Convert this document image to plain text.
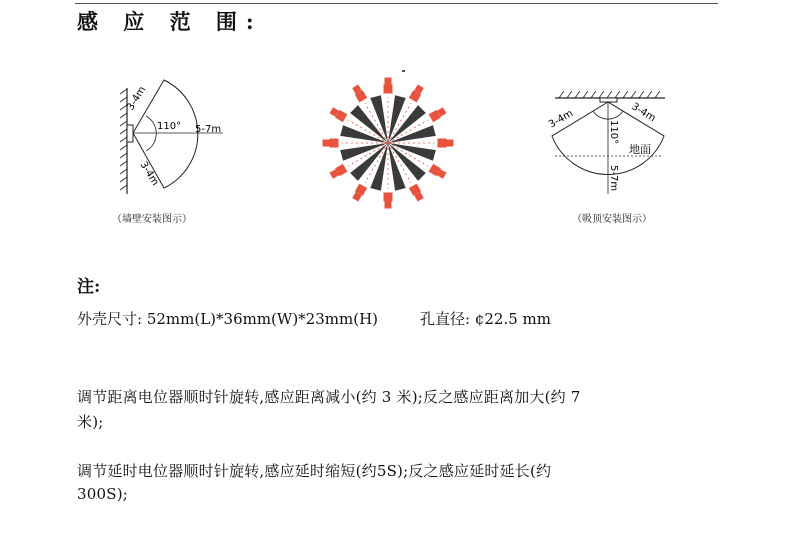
感 应 范 围:
3-4m
110° 5-7m
3-4m
（墙壁安装图示）
3-4m	3-4m
110°
地面
5-7m
（吸顶安装图示）
注:
外壳尺寸: 52mm(L)*36mm(W)*23mm(H)	孔直径: ¢22.5 mm
调节距离电位器顺时针旋转,感应距离减小(约 3 米);反之感应距离加大(约 7
米);
调节延时电位器顺时针旋转,感应延时缩短(约5S);反之感应延时延长(约
300S);
